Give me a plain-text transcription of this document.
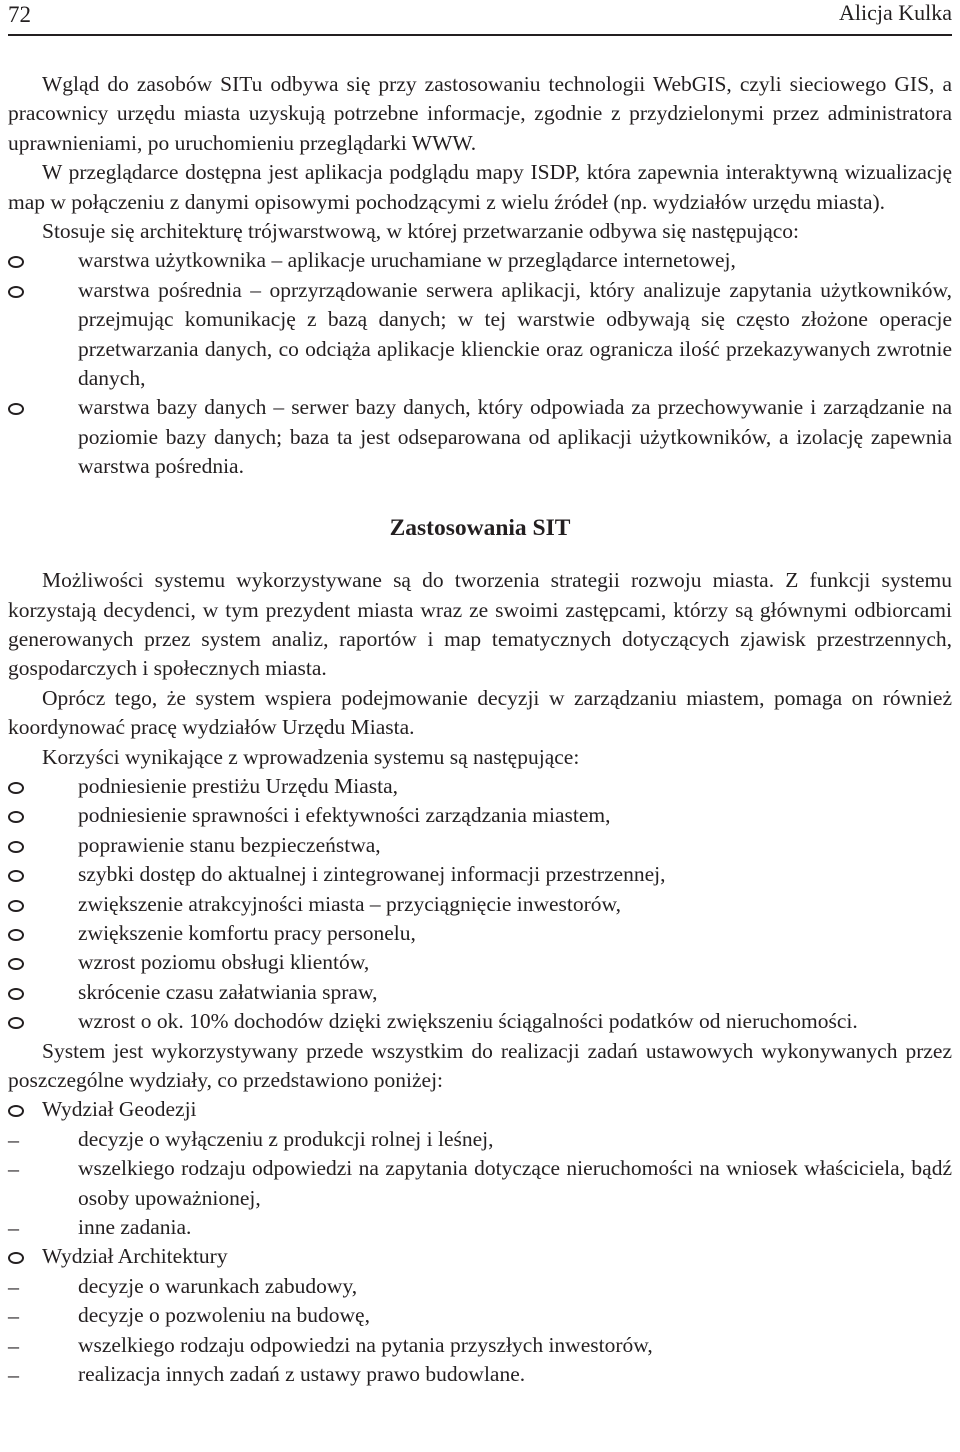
72	Alicja Kulka

Wgląd do zasobów SITu odbywa się przy zastosowaniu technologii WebGIS, czyli sieciowego GIS, a pracownicy urzędu miasta uzyskują potrzebne informacje, zgodnie z przydzielonymi przez administratora uprawnieniami, po uruchomieniu przeglądarki WWW.

W przeglądarce dostępna jest aplikacja podglądu mapy ISDP, która zapewnia interaktywną wizualizację map w połączeniu z danymi opisowymi pochodzącymi z wielu źródeł (np. wydziałów urzędu miasta).

Stosuje się architekturę trójwarstwową, w której przetwarzanie odbywa się następująco:

warstwa użytkownika – aplikacje uruchamiane w przeglądarce internetowej,
warstwa pośrednia – oprzyrządowanie serwera aplikacji, który analizuje zapytania użytkowników, przejmując komunikację z bazą danych; w tej warstwie odbywają się często złożone operacje przetwarzania danych, co odciąża aplikacje klienckie oraz ogranicza ilość przekazywanych zwrotnie danych,
warstwa bazy danych – serwer bazy danych, który odpowiada za przechowywanie i zarządzanie na poziomie bazy danych; baza ta jest odseparowana od aplikacji użytkowników, a izolację zapewnia warstwa pośrednia.
Zastosowania SIT

Możliwości systemu wykorzystywane są do tworzenia strategii rozwoju miasta. Z funkcji systemu korzystają decydenci, w tym prezydent miasta wraz ze swoimi zastępcami, którzy są głównymi odbiorcami generowanych przez system analiz, raportów i map tematycznych dotyczących zjawisk przestrzennych, gospodarczych i społecznych miasta.

Oprócz tego, że system wspiera podejmowanie decyzji w zarządzaniu miastem, pomaga on również koordynować pracę wydziałów Urzędu Miasta.

Korzyści wynikające z wprowadzenia systemu są następujące:

podniesienie prestiżu Urzędu Miasta,
podniesienie sprawności i efektywności zarządzania miastem,
poprawienie stanu bezpieczeństwa,
szybki dostęp do aktualnej i zintegrowanej informacji przestrzennej,
zwiększenie atrakcyjności miasta – przyciągnięcie inwestorów,
zwiększenie komfortu pracy personelu,
wzrost poziomu obsługi klientów,
skrócenie czasu załatwiania spraw,
wzrost o ok. 10% dochodów dzięki zwiększeniu ściągalności podatków od nieruchomości.

System jest wykorzystywany przede wszystkim do realizacji zadań ustawowych wykonywanych przez poszczególne wydziały, co przedstawiono poniżej:

Wydział Geodezji
–	decyzje o wyłączeniu z produkcji rolnej i leśnej,
–	wszelkiego rodzaju odpowiedzi na zapytania dotyczące nieruchomości na wniosek właściciela, bądź osoby upoważnionej,
–	inne zadania.
Wydział Architektury
–	decyzje o warunkach zabudowy,
–	decyzje o pozwoleniu na budowę,
–	wszelkiego rodzaju odpowiedzi na pytania przyszłych inwestorów,
–	realizacja innych zadań z ustawy prawo budowlane.
